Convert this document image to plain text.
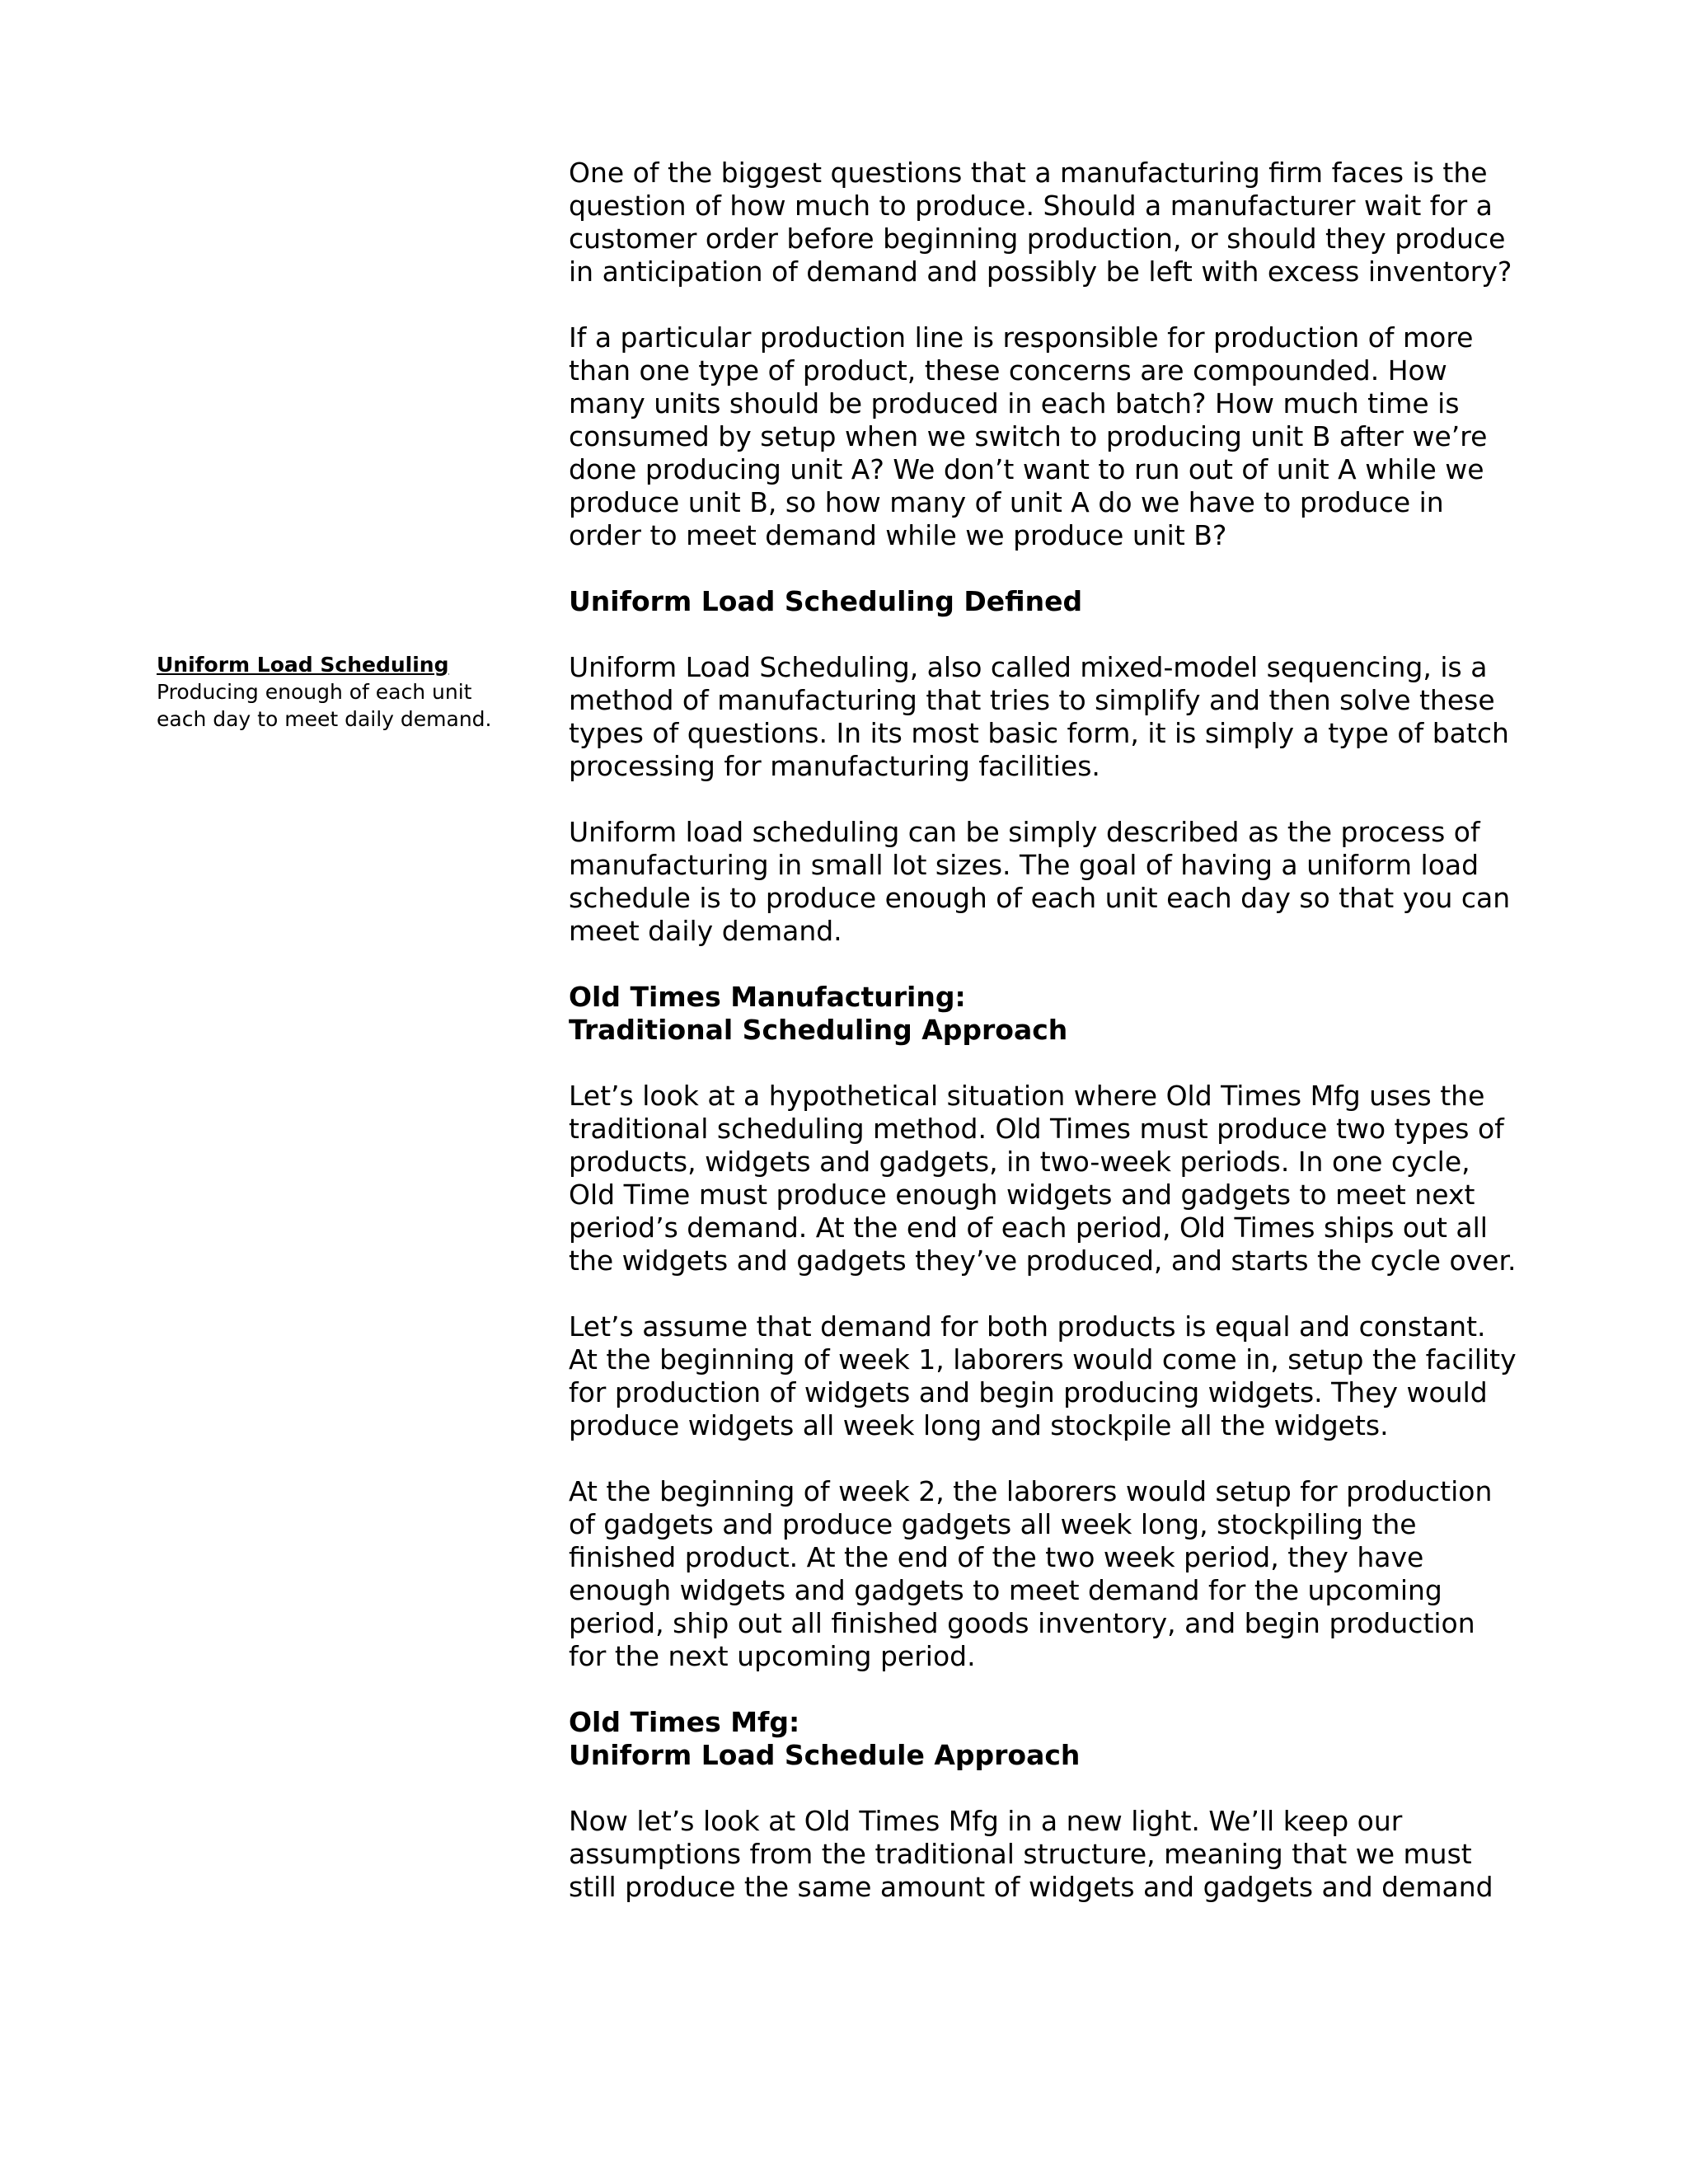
Uniform Load Scheduling
Producing enough of each unit each day to meet daily demand.

One of the biggest questions that a manufacturing firm faces is the question of how much to produce. Should a manufacturer wait for a customer order before beginning production, or should they produce in anticipation of demand and possibly be left with excess inventory?

If a particular production line is responsible for production of more than one type of product, these concerns are compounded. How many units should be produced in each batch? How much time is consumed by setup when we switch to producing unit B after we’re done producing unit A? We don’t want to run out of unit A while we produce unit B, so how many of unit A do we have to produce in order to meet demand while we produce unit B?

Uniform Load Scheduling Defined

Uniform Load Scheduling, also called mixed-model sequencing, is a method of manufacturing that tries to simplify and then solve these types of questions. In its most basic form, it is simply a type of batch processing for manufacturing facilities.

Uniform load scheduling can be simply described as the process of manufacturing in small lot sizes. The goal of having a uniform load schedule is to produce enough of each unit each day so that you can meet daily demand.

Old Times Manufacturing:
Traditional Scheduling Approach

Let’s look at a hypothetical situation where Old Times Mfg uses the traditional scheduling method. Old Times must produce two types of products, widgets and gadgets, in two-week periods. In one cycle, Old Time must produce enough widgets and gadgets to meet next period’s demand. At the end of each period, Old Times ships out all the widgets and gadgets they’ve produced, and starts the cycle over.

Let’s assume that demand for both products is equal and constant. At the beginning of week 1, laborers would come in, setup the facility for production of widgets and begin producing widgets. They would produce widgets all week long and stockpile all the widgets.

At the beginning of week 2, the laborers would setup for production of gadgets and produce gadgets all week long, stockpiling the finished product. At the end of the two week period, they have enough widgets and gadgets to meet demand for the upcoming period, ship out all finished goods inventory, and begin production for the next upcoming period.

Old Times Mfg:
Uniform Load Schedule Approach

Now let’s look at Old Times Mfg in a new light. We’ll keep our assumptions from the traditional structure, meaning that we must still produce the same amount of widgets and gadgets and demand
